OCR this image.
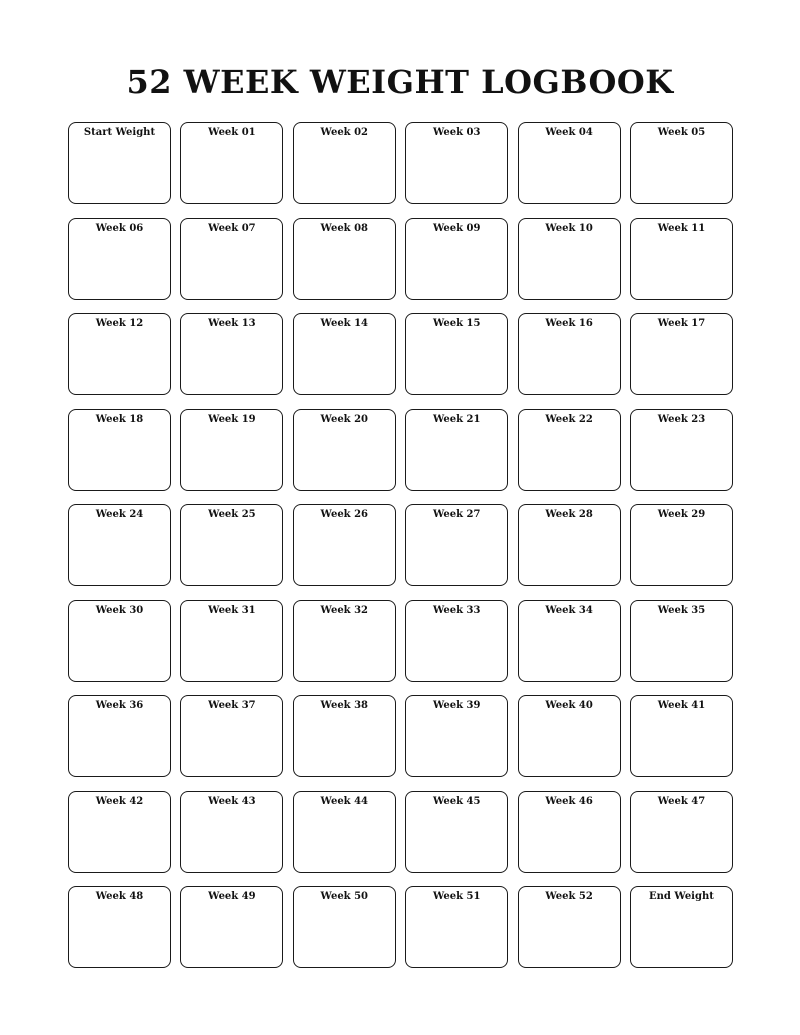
52 WEEK WEIGHT LOGBOOK
Start Weight	Week 01	Week 02	Week 03	Week 04	Week 05
Week 06	Week 07	Week 08	Week 09	Week 10	Week 11
Week 12	Week 13	Week 14	Week 15	Week 16	Week 17
Week 18	Week 19	Week 20	Week 21	Week 22	Week 23
Week 24	Week 25	Week 26	Week 27	Week 28	Week 29
Week 30	Week 31	Week 32	Week 33	Week 34	Week 35
Week 36	Week 37	Week 38	Week 39	Week 40	Week 41
Week 42	Week 43	Week 44	Week 45	Week 46	Week 47
Week 48	Week 49	Week 50	Week 51	Week 52	End Weight
